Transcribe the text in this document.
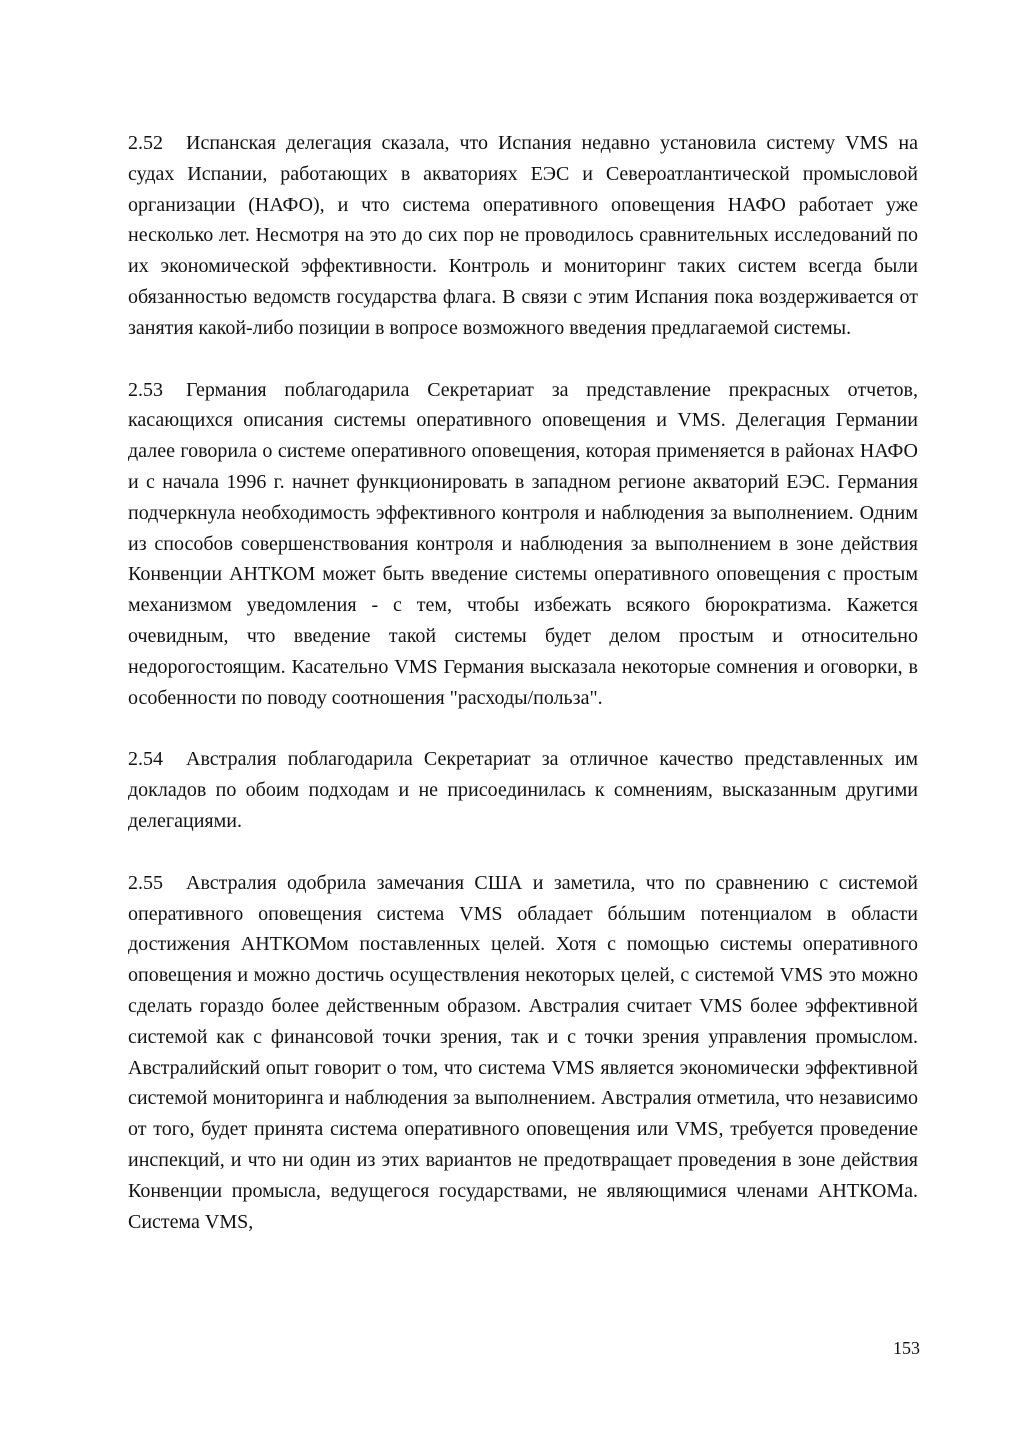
2.52 Испанская делегация сказала, что Испания недавно установила систему VMS на судах Испании, работающих в акваториях ЕЭС и Североатлантической промысловой организации (НАФО), и что система оперативного оповещения НАФО работает уже несколько лет. Несмотря на это до сих пор не проводилось сравнительных исследований по их экономической эффективности. Контроль и мониторинг таких систем всегда были обязанностью ведомств государства флага. В связи с этим Испания пока воздерживается от занятия какой-либо позиции в вопросе возможного введения предлагаемой системы.

2.53 Германия поблагодарила Секретариат за представление прекрасных отчетов, касающихся описания системы оперативного оповещения и VMS. Делегация Германии далее говорила о системе оперативного оповещения, которая применяется в районах НАФО и с начала 1996 г. начнет функционировать в западном регионе акваторий ЕЭС. Германия подчеркнула необходимость эффективного контроля и наблюдения за выполнением. Одним из способов совершенствования контроля и наблюдения за выполнением в зоне действия Конвенции АНТКОМ может быть введение системы оперативного оповещения с простым механизмом уведомления - с тем, чтобы избежать всякого бюрократизма. Кажется очевидным, что введение такой системы будет делом простым и относительно недорогостоящим. Касательно VMS Германия высказала некоторые сомнения и оговорки, в особенности по поводу соотношения "расходы/польза".

2.54 Австралия поблагодарила Секретариат за отличное качество представленных им докладов по обоим подходам и не присоединилась к сомнениям, высказанным другими делегациями.

2.55 Австралия одобрила замечания США и заметила, что по сравнению с системой оперативного оповещения система VMS обладает бóльшим потенциалом в области достижения АНТКОМом поставленных целей. Хотя с помощью системы оперативного оповещения и можно достичь осуществления некоторых целей, с системой VMS это можно сделать гораздо более действенным образом. Австралия считает VMS более эффективной системой как с финансовой точки зрения, так и с точки зрения управления промыслом. Австралийский опыт говорит о том, что система VMS является экономически эффективной системой мониторинга и наблюдения за выполнением. Австралия отметила, что независимо от того, будет принята система оперативного оповещения или VMS, требуется проведение инспекций, и что ни один из этих вариантов не предотвращает проведения в зоне действия Конвенции промысла, ведущегося государствами, не являющимися членами АНТКОМа. Система VMS,

153
